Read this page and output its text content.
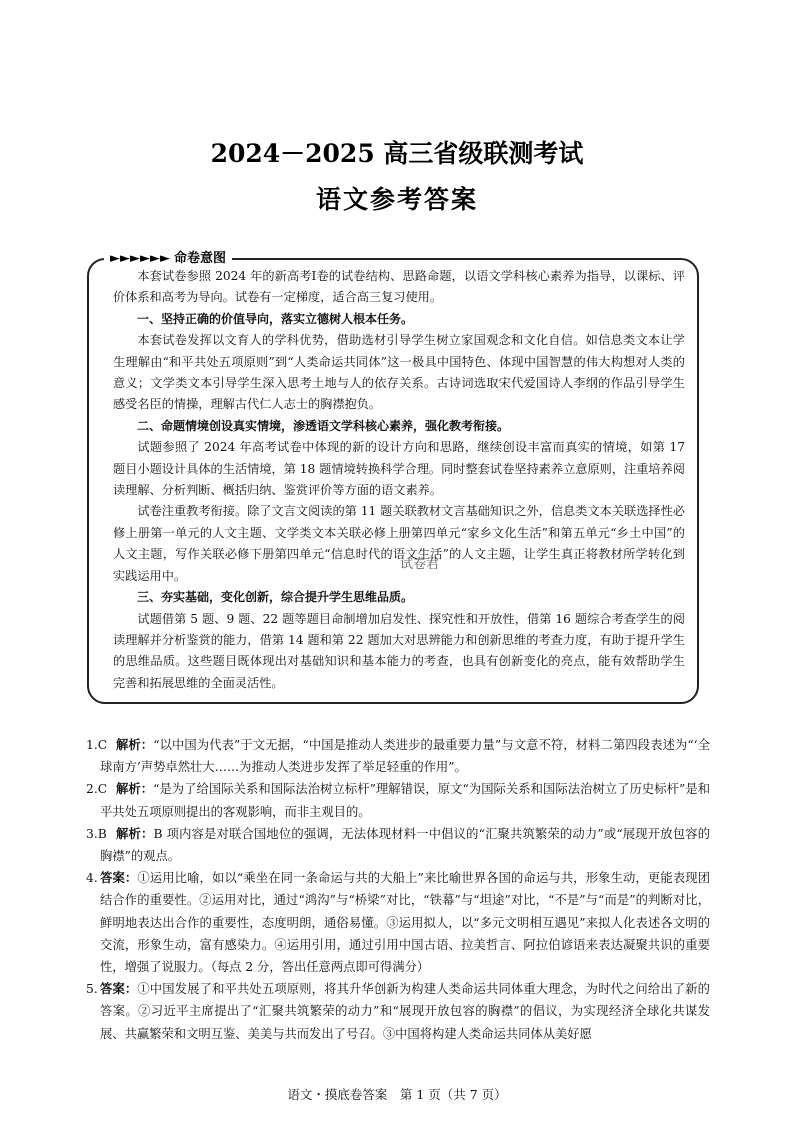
2024－2025 高三省级联测考试
语文参考答案
►►►►►► 命卷意图

本套试卷参照 2024 年的新高考Ⅰ卷的试卷结构、思路命题，以语文学科核心素养为指导，以课标、评价体系和高考为导向。试卷有一定梯度，适合高三复习使用。

一、坚持正确的价值导向，落实立德树人根本任务。

本套试卷发挥以文育人的学科优势，借助选材引导学生树立家国观念和文化自信。如信息类文本让学生理解由“和平共处五项原则”到“人类命运共同体”这一极具中国特色、体现中国智慧的伟大构想对人类的意义；文学类文本引导学生深入思考土地与人的依存关系。古诗词选取宋代爱国诗人李纲的作品引导学生感受名臣的情操，理解古代仁人志士的胸襟抱负。

二、命题情境创设真实情境，渗透语文学科核心素养，强化教考衔接。

试题参照了 2024 年高考试卷中体现的新的设计方向和思路，继续创设丰富而真实的情境，如第 17 题目小题设计具体的生活情境，第 18 题情境转换科学合理。同时整套试卷坚持素养立意原则，注重培养阅读理解、分析判断、概括归纳、鉴赏评价等方面的语文素养。

试卷注重教考衔接。除了文言文阅读的第 11 题关联教材文言基础知识之外，信息类文本关联选择性必修上册第一单元的人文主题、文学类文本关联必修上册第四单元“家乡文化生活”和第五单元“乡土中国”的人文主题，写作关联必修下册第四单元“信息时代的语文生活”的人文主题，让学生真正将教材所学转化到实践运用中。

三、夯实基础，变化创新，综合提升学生思维品质。

试题借第 5 题、9 题、22 题等题目命制增加启发性、探究性和开放性，借第 16 题综合考查学生的阅读理解并分析鉴赏的能力，借第 14 题和第 22 题加大对思辨能力和创新思维的考查力度，有助于提升学生的思维品质。这些题目既体现出对基础知识和基本能力的考查，也具有创新变化的亮点，能有效帮助学生完善和拓展思维的全面灵活性。

试卷君

1.C 解析：“以中国为代表”于文无据，“中国是推动人类进步的最重要力量”与文意不符，材料二第四段表述为“‘全球南方’声势卓然壮大……为推动人类进步发挥了举足轻重的作用”。

2.C 解析：“是为了给国际关系和国际法治树立标杆”理解错误，原文“为国际关系和国际法治树立了历史标杆”是和平共处五项原则提出的客观影响，而非主观目的。

3.B 解析：B 项内容是对联合国地位的强调，无法体现材料一中倡议的“汇聚共筑繁荣的动力”或“展现开放包容的胸襟”的观点。

4. 答案：①运用比喻，如以“乘坐在同一条命运与共的大船上”来比喻世界各国的命运与共，形象生动，更能表现团结合作的重要性。②运用对比，通过“鸿沟”与“桥梁”对比，“铁幕”与“坦途”对比，“不是”与“而是”的判断对比，鲜明地表达出合作的重要性，态度明朗，通俗易懂。③运用拟人，以“多元文明相互遇见”来拟人化表述各文明的交流，形象生动，富有感染力。④运用引用，通过引用中国古语、拉美哲言、阿拉伯谚语来表达凝聚共识的重要性，增强了说服力。（每点 2 分，答出任意两点即可得满分）

5. 答案：①中国发展了和平共处五项原则，将其升华创新为构建人类命运共同体重大理念，为时代之问给出了新的答案。②习近平主席提出了“汇聚共筑繁荣的动力”和“展现开放包容的胸襟”的倡议，为实现经济全球化共谋发展、共赢繁荣和文明互鉴、美美与共而发出了号召。③中国将构建人类命运共同体从美好愿

语文・摸底卷答案　第 1 页（共 7 页）
